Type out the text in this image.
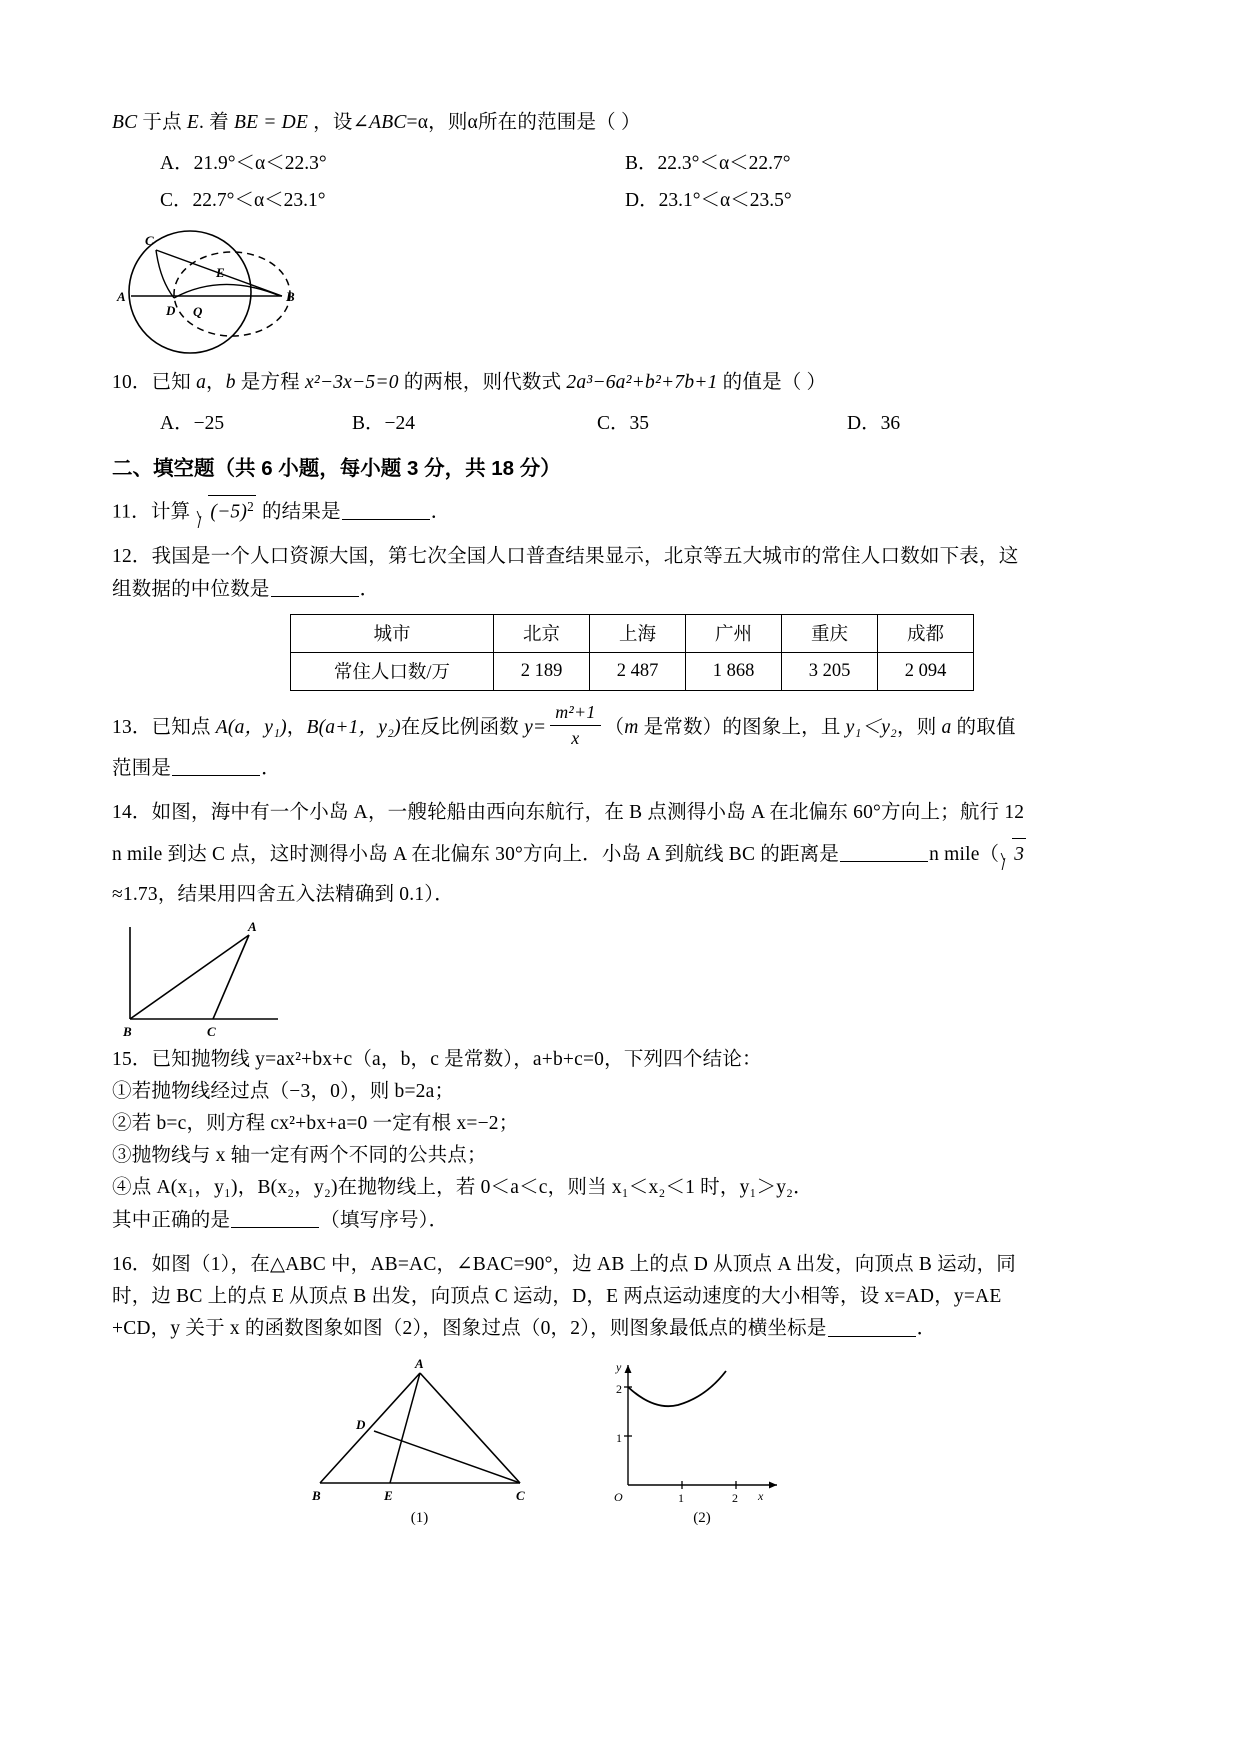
BC 于点 E. 着 BE = DE ，设∠ABC=α，则α所在的范围是（ ）
A．21.9°＜α＜22.3°	B．22.3°＜α＜22.7°
C．22.7°＜α＜23.1°	D．23.1°＜α＜23.5°
C
E
A
D Q
B
10．已知 a，b 是方程 x²−3x−5=0 的两根，则代数式 2a³−6a²+b²+7b+1 的值是（ ）
A．−25	B．−24	C．35	D．36
二、填空题（共 6 小题，每小题 3 分，共 18 分）
11．计算 $(-5)^2$ 的结果是	．
12．我国是一个人口资源大国，第七次全国人口普查结果显示，北京等五大城市的常住人口数如下表，这
组数据的中位数是	．
城市	北京	上海	广州	重庆	成都
常住人口数/万	2 189	2 487	1 868	3 205	2 094
13．已知点 A(a，y₁)，B(a+1，y₂)在反比例函数 $y= \frac{\text{m²+1}}{x} (m$ 是常数）的图象上，且 y₁＜y₂，则 a 的取值
范围是	．
14．如图，海中有一个小岛 A，一艘轮船由西向东航行，在 B 点测得小岛 A 在北偏东 60°方向上；航行 12
n mile 到达 C 点，这时测得小岛 A 在北偏东 30°方向上．小岛 A 到航线 BC 的距离是	n mile（ 3
≈1.73，结果用四舍五入法精确到 0.1）．
A
B	C
15．已知抛物线 y=ax²+bx+c（a，b，c 是常数），a+b+c=0，下列四个结论：
①若抛物线经过点（−3，0），则 b=2a；
②若 b=c，则方程 cx²+bx+a=0 一定有根 x=−2；
③抛物线与 x 轴一定有两个不同的公共点；
④点 A(x₁，y₁)，B(x₂，y₂)在抛物线上，若 0＜a＜c，则当 x₁＜x₂＜1 时，y₁＞y₂．
其中正确的是	（填写序号）．
16．如图（1），在△ABC 中，AB=AC，∠BAC=90°，边 AB 上的点 D 从顶点 A 出发，向顶点 B 运动，同
时，边 BC 上的点 E 从顶点 B 出发，向顶点 C 运动，D，E 两点运动速度的大小相等，设 x=AD，y=AE
+CD，y 关于 x 的函数图象如图（2），图象过点（0，2），则图象最低点的横坐标是	．
A
D
B	E	C
(1)
2
1
1	2
O	x
y
(2)
